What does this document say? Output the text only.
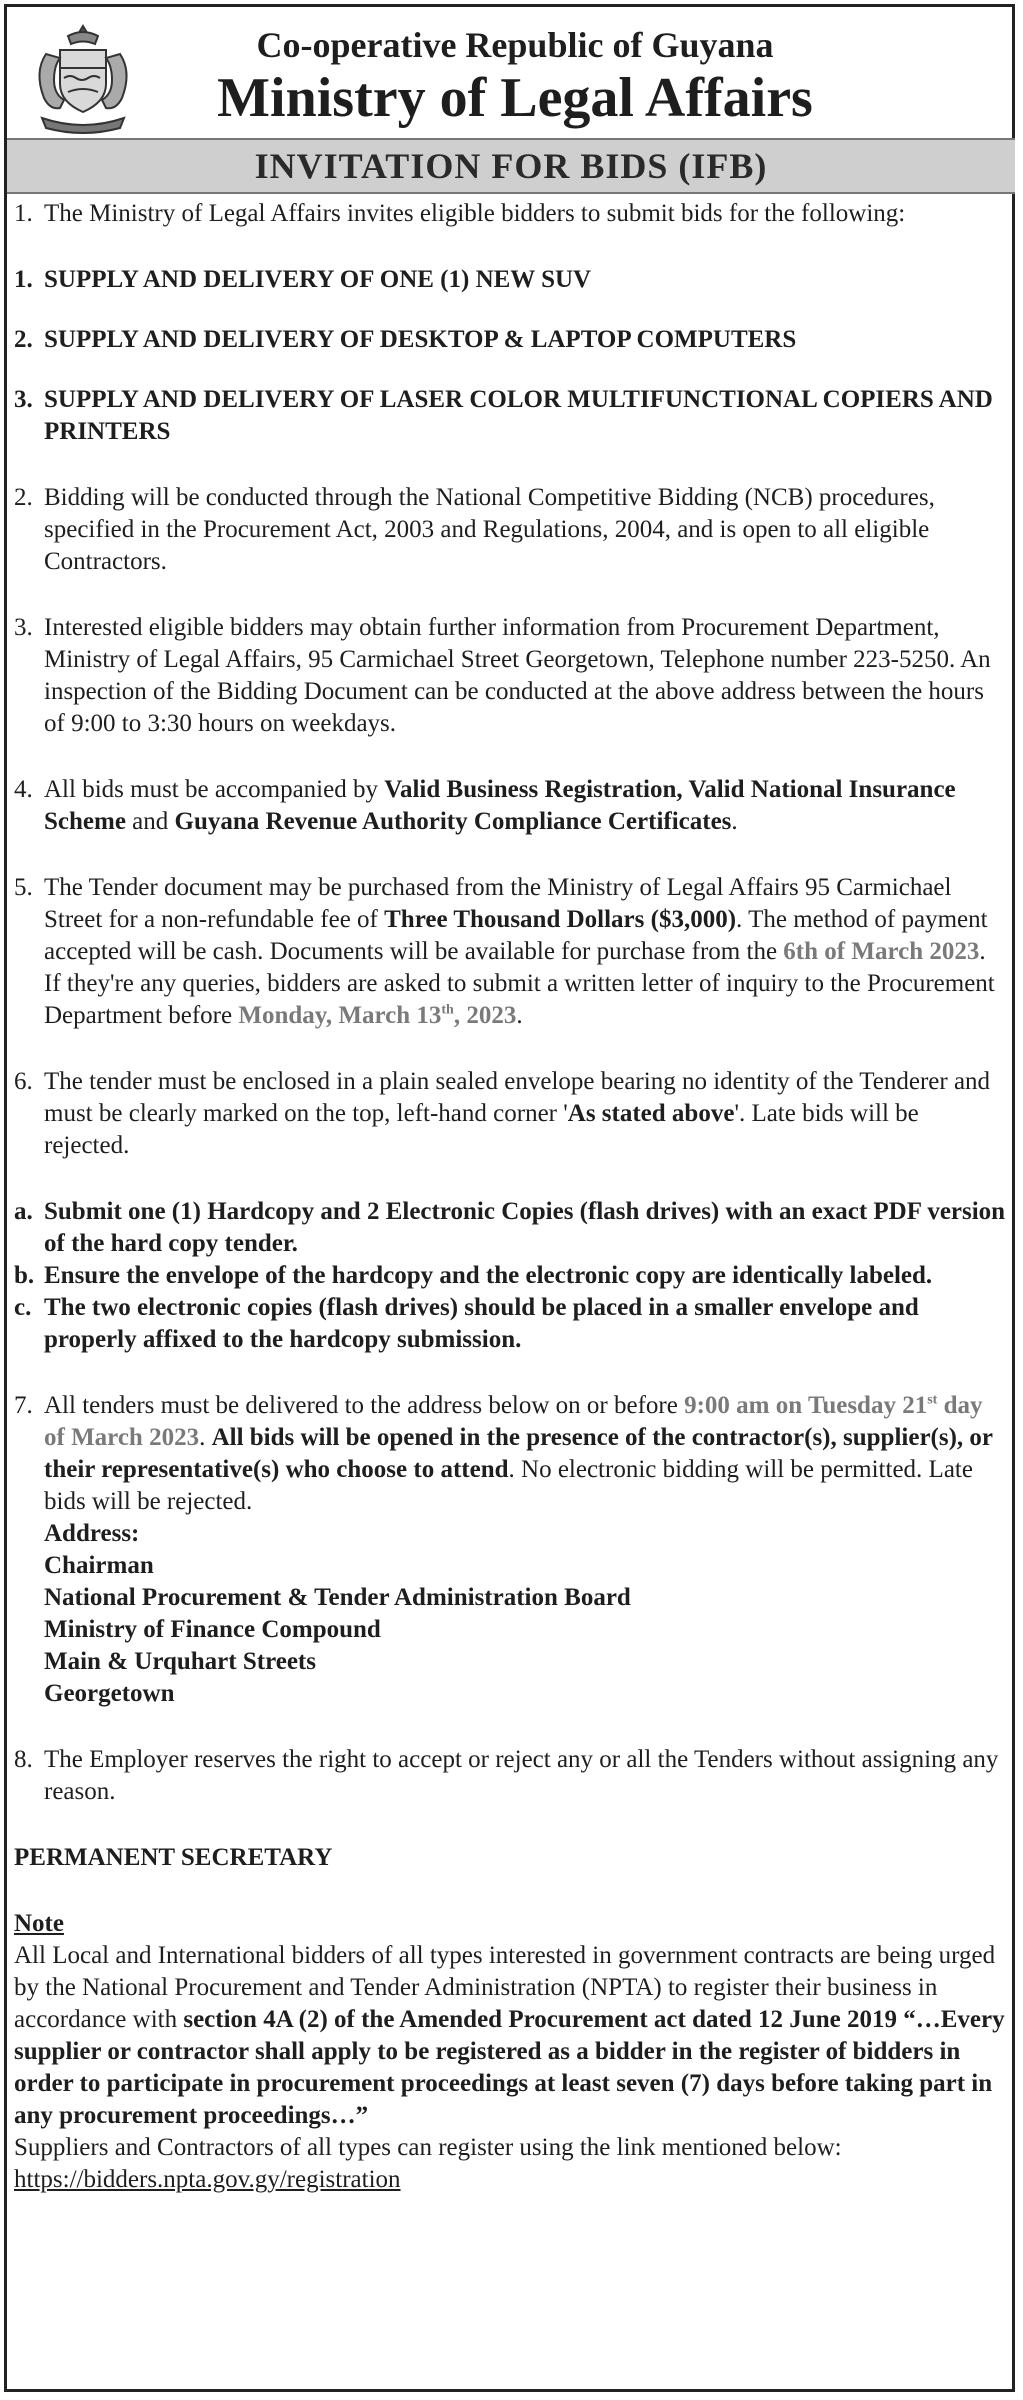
Co-operative Republic of Guyana
Ministry of Legal Affairs
INVITATION FOR BIDS (IFB)
1. The Ministry of Legal Affairs invites eligible bidders to submit bids for the following:
1. SUPPLY AND DELIVERY OF ONE (1) NEW SUV
2. SUPPLY AND DELIVERY OF DESKTOP & LAPTOP COMPUTERS
3. SUPPLY AND DELIVERY OF LASER COLOR MULTIFUNCTIONAL COPIERS AND PRINTERS
2. Bidding will be conducted through the National Competitive Bidding (NCB) procedures, specified in the Procurement Act, 2003 and Regulations, 2004, and is open to all eligible Contractors.
3. Interested eligible bidders may obtain further information from Procurement Department, Ministry of Legal Affairs, 95 Carmichael Street Georgetown, Telephone number 223-5250. An inspection of the Bidding Document can be conducted at the above address between the hours of 9:00 to 3:30 hours on weekdays.
4. All bids must be accompanied by Valid Business Registration, Valid National Insurance Scheme and Guyana Revenue Authority Compliance Certificates.
5. The Tender document may be purchased from the Ministry of Legal Affairs 95 Carmichael Street for a non-refundable fee of Three Thousand Dollars ($3,000). The method of payment accepted will be cash. Documents will be available for purchase from the 6th of March 2023. If they're any queries, bidders are asked to submit a written letter of inquiry to the Procurement Department before Monday, March 13th, 2023.
6. The tender must be enclosed in a plain sealed envelope bearing no identity of the Tenderer and must be clearly marked on the top, left-hand corner 'As stated above'. Late bids will be rejected.
a. Submit one (1) Hardcopy and 2 Electronic Copies (flash drives) with an exact PDF version of the hard copy tender.
b. Ensure the envelope of the hardcopy and the electronic copy are identically labeled.
c. The two electronic copies (flash drives) should be placed in a smaller envelope and properly affixed to the hardcopy submission.
7. All tenders must be delivered to the address below on or before 9:00 am on Tuesday 21st day of March 2023. All bids will be opened in the presence of the contractor(s), supplier(s), or their representative(s) who choose to attend. No electronic bidding will be permitted. Late bids will be rejected.
Address:
Chairman
National Procurement & Tender Administration Board
Ministry of Finance Compound
Main & Urquhart Streets
Georgetown
8. The Employer reserves the right to accept or reject any or all the Tenders without assigning any reason.
PERMANENT SECRETARY
Note
All Local and International bidders of all types interested in government contracts are being urged by the National Procurement and Tender Administration (NPTA) to register their business in accordance with section 4A (2) of the Amended Procurement act dated 12 June 2019 “…Every supplier or contractor shall apply to be registered as a bidder in the register of bidders in order to participate in procurement proceedings at least seven (7) days before taking part in any procurement proceedings…”
Suppliers and Contractors of all types can register using the link mentioned below: https://bidders.npta.gov.gy/registration
